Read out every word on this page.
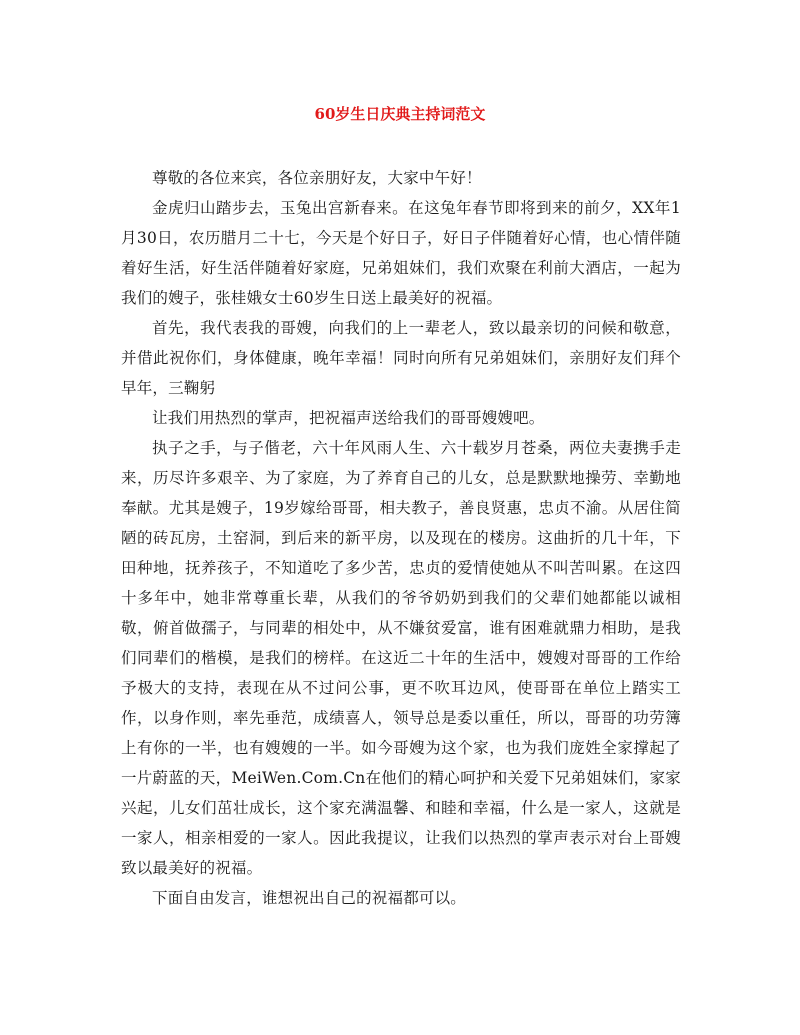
60岁生日庆典主持词范文

尊敬的各位来宾，各位亲朋好友，大家中午好！

金虎归山踏步去，玉兔出宫新春来。在这兔年春节即将到来的前夕，XX年1月30日，农历腊月二十七，今天是个好日子，好日子伴随着好心情，也心情伴随着好生活，好生活伴随着好家庭，兄弟姐妹们，我们欢聚在利前大酒店，一起为我们的嫂子，张桂娥女士60岁生日送上最美好的祝福。

首先，我代表我的哥嫂，向我们的上一辈老人，致以最亲切的问候和敬意，并借此祝你们，身体健康，晚年幸福！同时向所有兄弟姐妹们，亲朋好友们拜个早年，三鞠躬

让我们用热烈的掌声，把祝福声送给我们的哥哥嫂嫂吧。

执子之手，与子偕老，六十年风雨人生、六十载岁月苍桑，两位夫妻携手走来，历尽许多艰辛、为了家庭，为了养育自己的儿女，总是默默地操劳、幸勤地奉献。尤其是嫂子，19岁嫁给哥哥，相夫教子，善良贤惠，忠贞不渝。从居住简陋的砖瓦房，土窑洞，到后来的新平房，以及现在的楼房。这曲折的几十年，下田种地，抚养孩子，不知道吃了多少苦，忠贞的爱情使她从不叫苦叫累。在这四十多年中，她非常尊重长辈，从我们的爷爷奶奶到我们的父辈们她都能以诚相敬，俯首做孺子，与同辈的相处中，从不嫌贫爱富，谁有困难就鼎力相助，是我们同辈们的楷模，是我们的榜样。在这近二十年的生活中，嫂嫂对哥哥的工作给予极大的支持，表现在从不过问公事，更不吹耳边风，使哥哥在单位上踏实工作，以身作则，率先垂范，成绩喜人，领导总是委以重任，所以，哥哥的功劳簿上有你的一半，也有嫂嫂的一半。如今哥嫂为这个家，也为我们庞姓全家撑起了一片蔚蓝的天，MeiWen.Com.Cn在他们的精心呵护和关爱下兄弟姐妹们，家家兴起，儿女们茁壮成长，这个家充满温馨、和睦和幸福，什么是一家人，这就是一家人，相亲相爱的一家人。因此我提议，让我们以热烈的掌声表示对台上哥嫂致以最美好的祝福。

下面自由发言，谁想祝出自己的祝福都可以。
